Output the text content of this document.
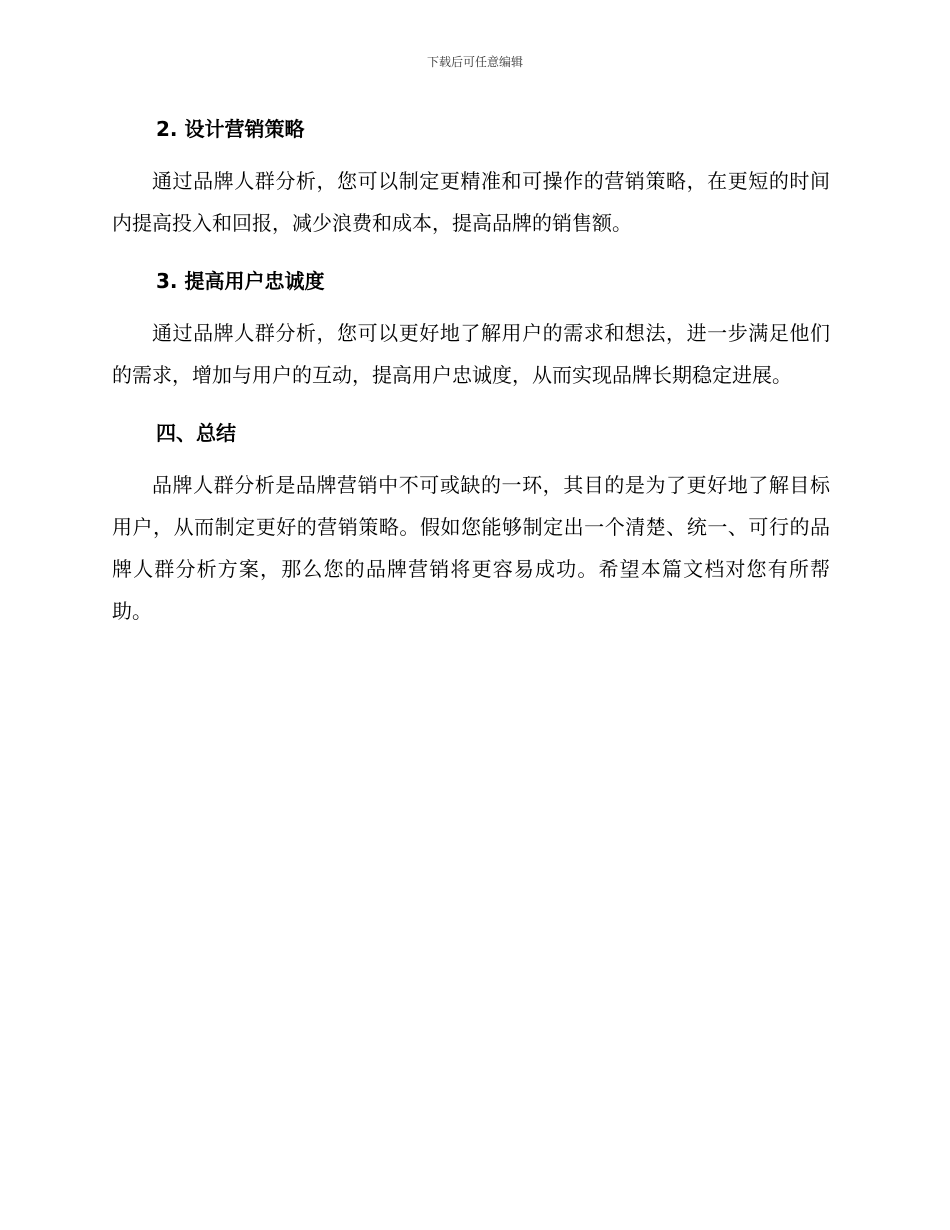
下载后可任意编辑
2. 设计营销策略

通过品牌人群分析，您可以制定更精准和可操作的营销策略，在更短的时间内提高投入和回报，减少浪费和成本，提高品牌的销售额。

3. 提高用户忠诚度

通过品牌人群分析，您可以更好地了解用户的需求和想法，进一步满足他们的需求，增加与用户的互动，提高用户忠诚度，从而实现品牌长期稳定进展。

四、总结

品牌人群分析是品牌营销中不可或缺的一环，其目的是为了更好地了解目标用户，从而制定更好的营销策略。假如您能够制定出一个清楚、统一、可行的品牌人群分析方案，那么您的品牌营销将更容易成功。希望本篇文档对您有所帮助。
